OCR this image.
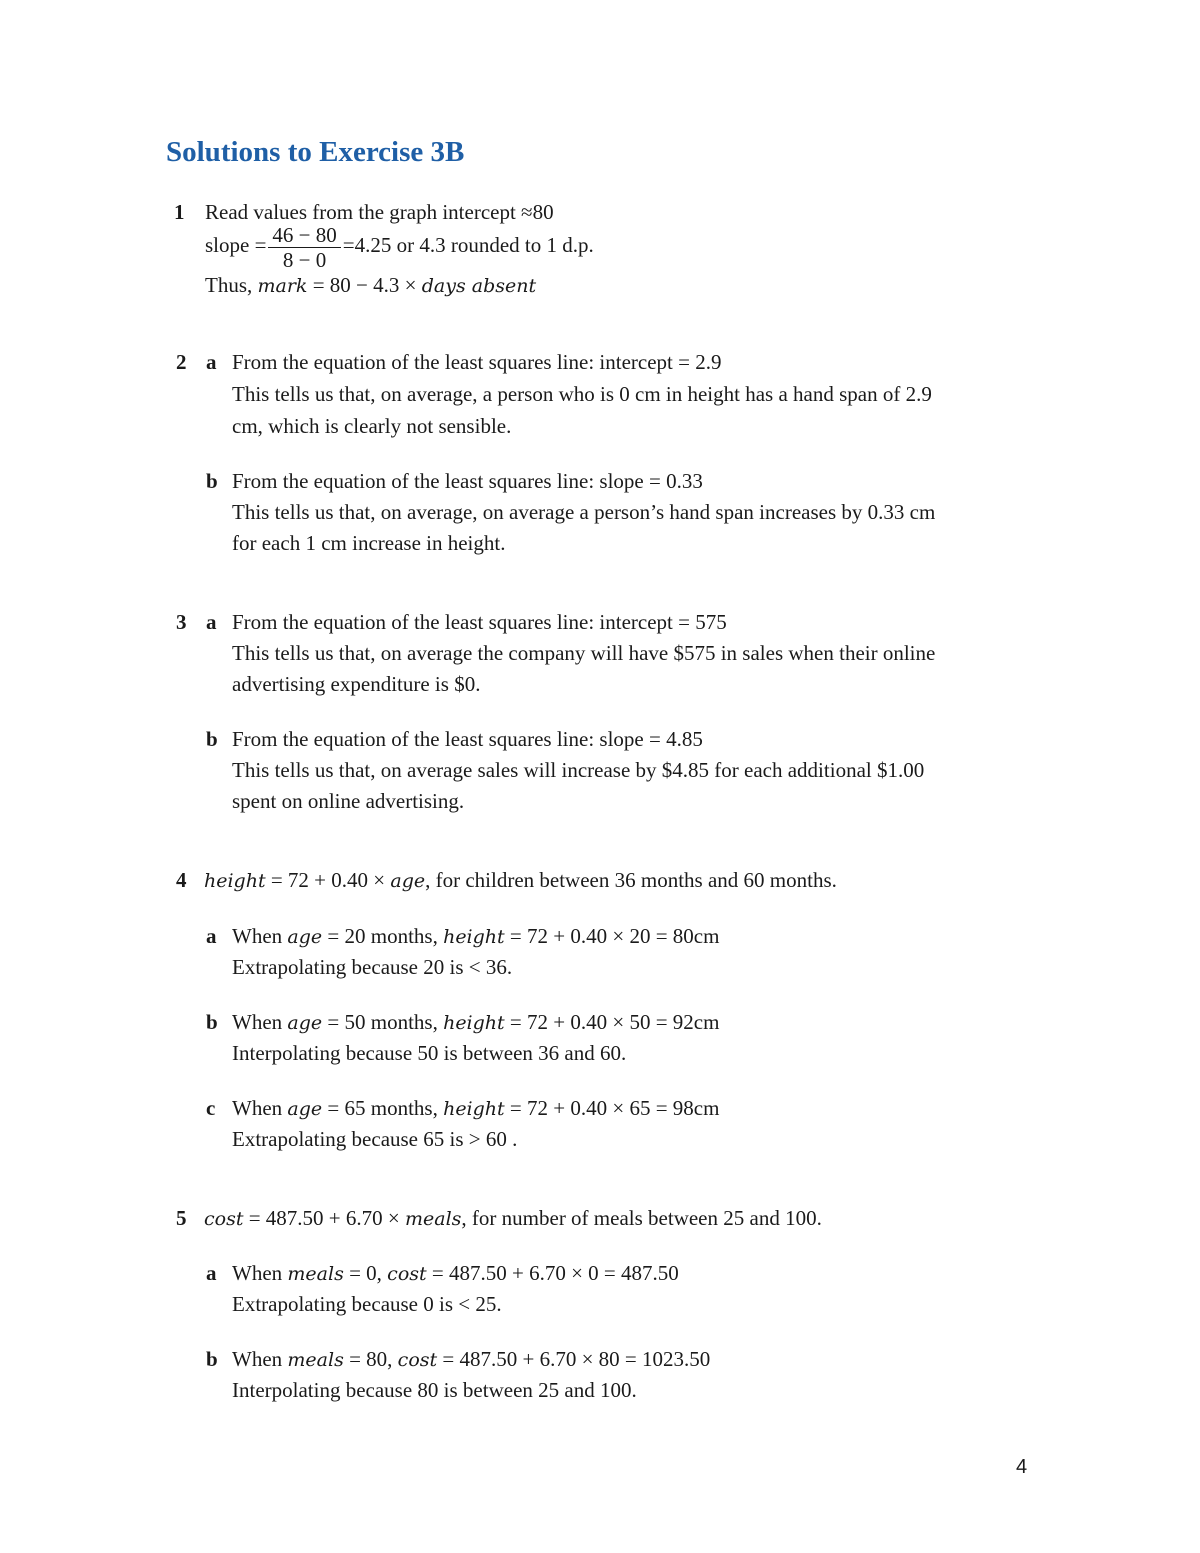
Solutions to Exercise 3B
1 Read values from the graph intercept ≈80
slope = $\frac{46 - 80}{8 - 0} =4.25$ or 4.3 rounded to 1 d.p.
Thus, mark = 80 − 4.3 × days absent
2 a From the equation of the least squares line: intercept = 2.9
This tells us that, on average, a person who is 0 cm in height has a hand span of 2.9
cm, which is clearly not sensible.
b From the equation of the least squares line: slope = 0.33
This tells us that, on average, on average a person’s hand span increases by 0.33 cm
for each 1 cm increase in height.
3 a From the equation of the least squares line: intercept = 575
This tells us that, on average the company will have $575 in sales when their online
advertising expenditure is $0.
b From the equation of the least squares line: slope = 4.85
This tells us that, on average sales will increase by $4.85 for each additional $1.00
spent on online advertising.
4 height = 72 + 0.40 × age, for children between 36 months and 60 months.
a When age = 20 months, height = 72 + 0.40 × 20 = 80cm
Extrapolating because 20 is < 36.
b When age = 50 months, height = 72 + 0.40 × 50 = 92cm
Interpolating because 50 is between 36 and 60.
c When age = 65 months, height = 72 + 0.40 × 65 = 98cm
Extrapolating because 65 is > 60 .
5 cost = 487.50 + 6.70 × meals, for number of meals between 25 and 100.
a When meals = 0, cost = 487.50 + 6.70 × 0 = 487.50
Extrapolating because 0 is < 25.
b When meals = 80, cost = 487.50 + 6.70 × 80 = 1023.50
Interpolating because 80 is between 25 and 100.
4
